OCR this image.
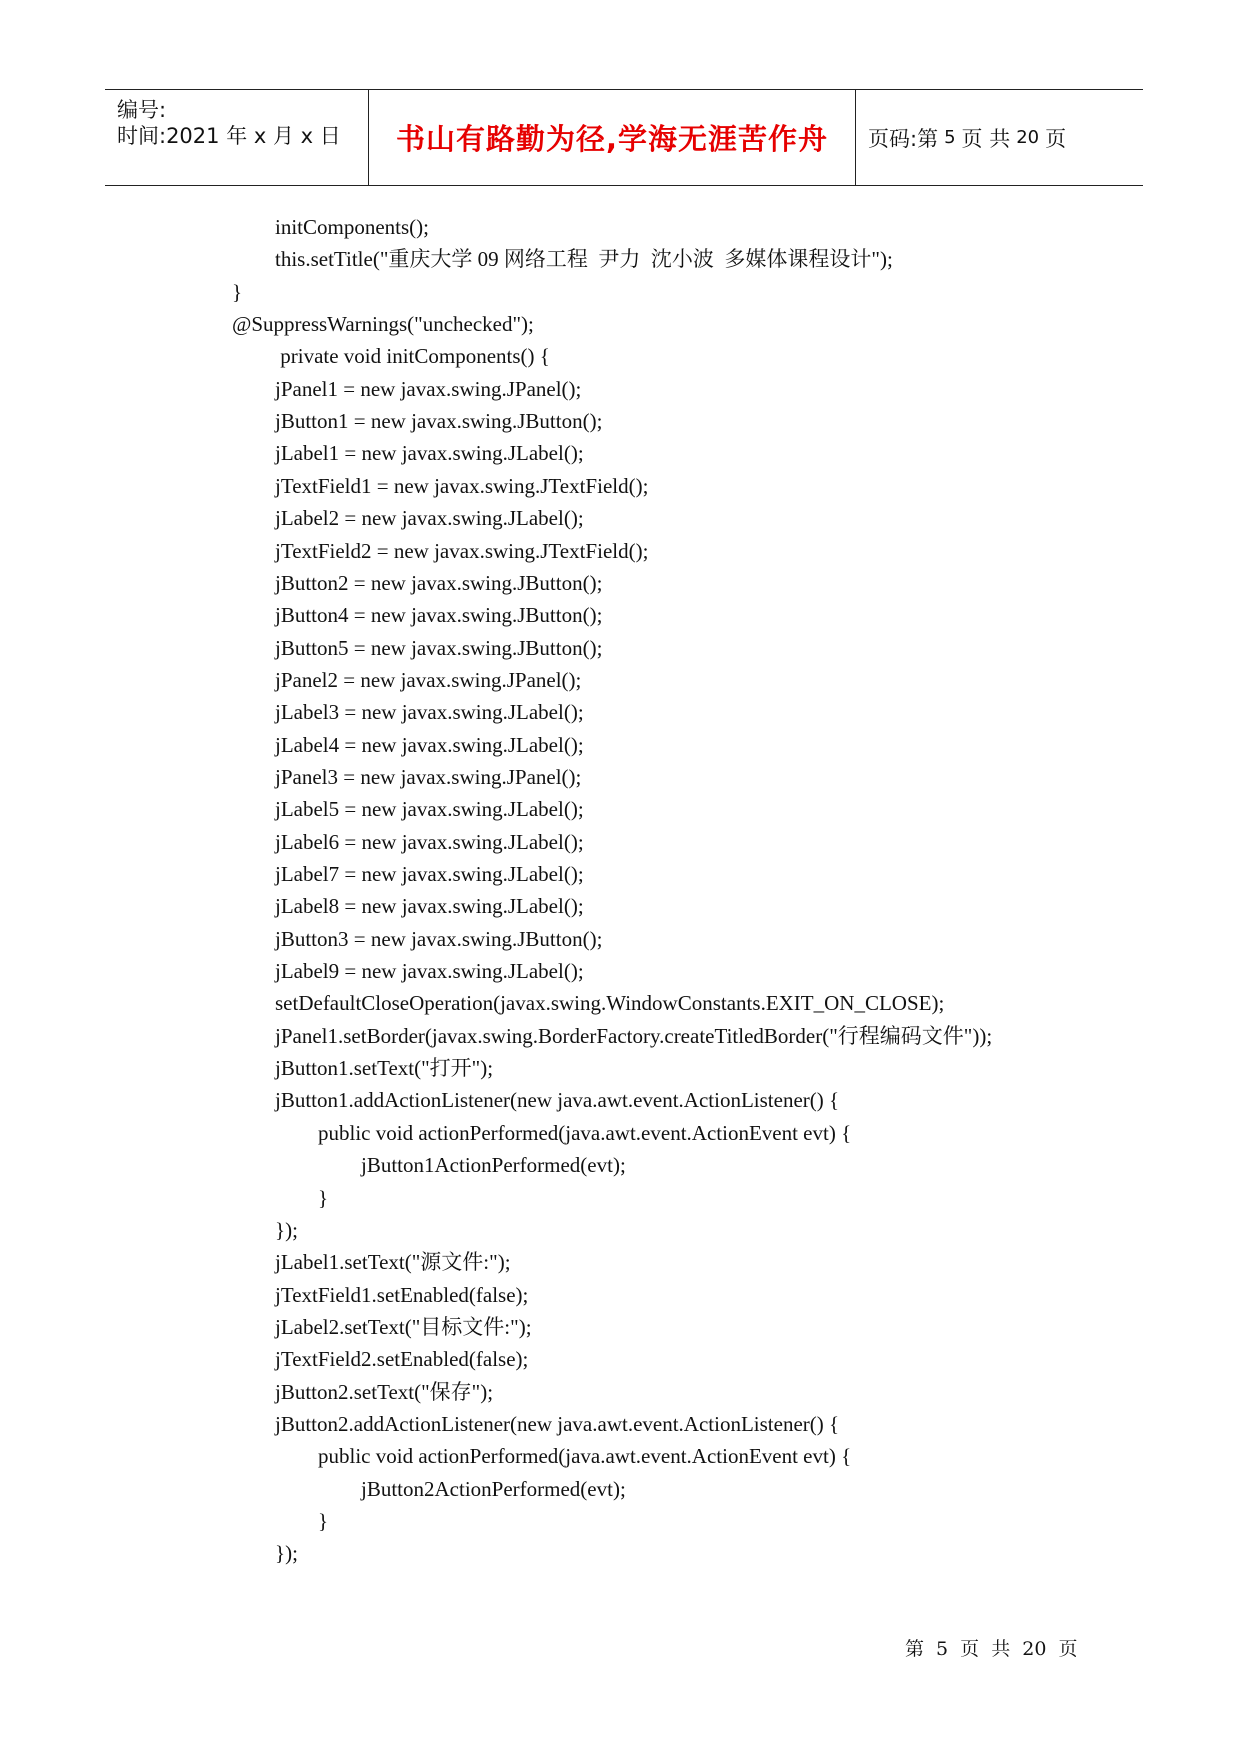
编号:
时间:2021 年 x 月 x 日 书山有路勤为径,学海无涯苦作舟 页码:第 5 页 共 20 页
initComponents();
this.setTitle("重庆大学 09 网络工程  尹力  沈小波  多媒体课程设计");
}
@SuppressWarnings("unchecked");
private void initComponents() {
jPanel1 = new javax.swing.JPanel();
jButton1 = new javax.swing.JButton();
jLabel1 = new javax.swing.JLabel();
jTextField1 = new javax.swing.JTextField();
jLabel2 = new javax.swing.JLabel();
jTextField2 = new javax.swing.JTextField();
jButton2 = new javax.swing.JButton();
jButton4 = new javax.swing.JButton();
jButton5 = new javax.swing.JButton();
jPanel2 = new javax.swing.JPanel();
jLabel3 = new javax.swing.JLabel();
jLabel4 = new javax.swing.JLabel();
jPanel3 = new javax.swing.JPanel();
jLabel5 = new javax.swing.JLabel();
jLabel6 = new javax.swing.JLabel();
jLabel7 = new javax.swing.JLabel();
jLabel8 = new javax.swing.JLabel();
jButton3 = new javax.swing.JButton();
jLabel9 = new javax.swing.JLabel();
setDefaultCloseOperation(javax.swing.WindowConstants.EXIT_ON_CLOSE);
jPanel1.setBorder(javax.swing.BorderFactory.createTitledBorder("行程编码文件"));
jButton1.setText("打开");
jButton1.addActionListener(new java.awt.event.ActionListener() {
public void actionPerformed(java.awt.event.ActionEvent evt) {
jButton1ActionPerformed(evt);
}
});
jLabel1.setText("源文件:");
jTextField1.setEnabled(false);
jLabel2.setText("目标文件:");
jTextField2.setEnabled(false);
jButton2.setText("保存");
jButton2.addActionListener(new java.awt.event.ActionListener() {
public void actionPerformed(java.awt.event.ActionEvent evt) {
jButton2ActionPerformed(evt);
}
});
第 5 页 共 20 页
